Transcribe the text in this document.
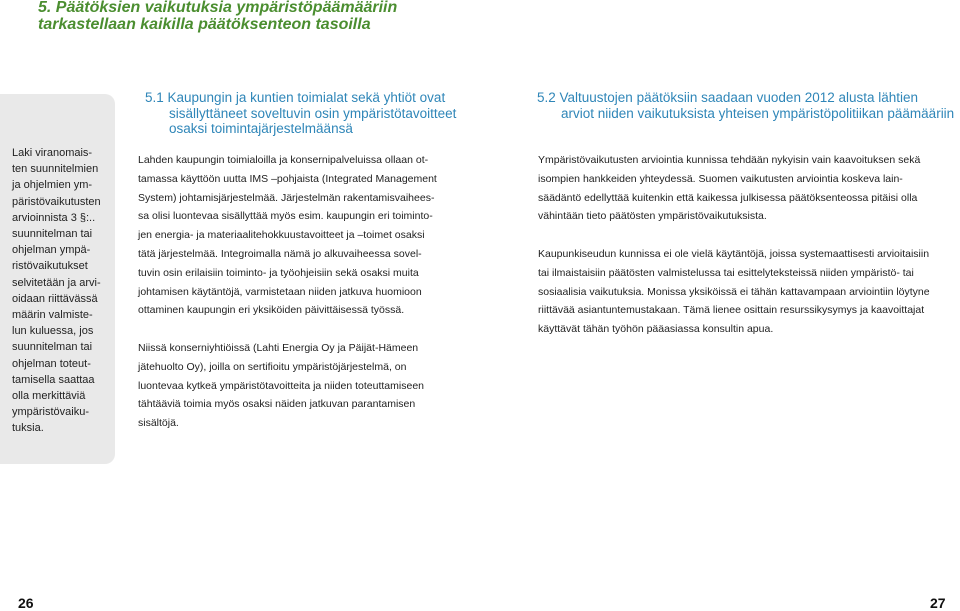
5. Päätöksien vaikutuksia ympäristöpäämääriin
tarkastellaan kaikilla päätöksenteon tasoilla
Laki viranomais-
ten suunnitelmien
ja ohjelmien ym-
päristövaikutusten
arvioinnista 3 §:..
suunnitelman tai
ohjelman ympä-
ristövaikutukset
selvitetään ja arvi-
oidaan riittävässä
määrin valmiste-
lun kuluessa, jos
suunnitelman tai
ohjelman toteut-
tamisella saattaa
olla merkittäviä
ympäristövaiku-
tuksia.
5.1 Kaupungin ja kuntien toimialat sekä yhtiöt ovat
sisällyttäneet soveltuvin osin ympäristötavoitteet
osaksi toimintajärjestelmäänsä
Lahden kaupungin toimialoilla ja konsernipalveluissa ollaan ot-
tamassa käyttöön uutta IMS –pohjaista (Integrated Management
System) johtamisjärjestelmää. Järjestelmän rakentamisvaihees-
sa olisi luontevaa sisällyttää myös esim. kaupungin eri toiminto-
jen energia- ja materiaalitehokkuustavoitteet ja –toimet osaksi
tätä järjestelmää. Integroimalla nämä jo alkuvaiheessa sovel-
tuvin osin erilaisiin toiminto- ja työohjeisiin sekä osaksi muita
johtamisen käytäntöjä, varmistetaan niiden jatkuva huomioon
ottaminen kaupungin eri yksiköiden päivittäisessä työssä.
Niissä konserniyhtiöissä (Lahti Energia Oy ja Päijät-Hämeen
jätehuolto Oy), joilla on sertifioitu ympäristöjärjestelmä, on
luontevaa kytkeä ympäristötavoitteita ja niiden toteuttamiseen
tähtääviä toimia myös osaksi näiden jatkuvan parantamisen
sisältöjä.
5.2 Valtuustojen päätöksiin saadaan vuoden 2012 alusta lähtien
arviot niiden vaikutuksista yhteisen ympäristöpolitiikan päämääriin
Ympäristövaikutusten arviointia kunnissa tehdään nykyisin vain kaavoituksen sekä
isompien hankkeiden yhteydessä. Suomen vaikutusten arviointia koskeva lain-
säädäntö edellyttää kuitenkin että kaikessa julkisessa päätöksenteossa pitäisi olla
vähintään tieto päätösten ympäristövaikutuksista.
Kaupunkiseudun kunnissa ei ole vielä käytäntöjä, joissa systemaattisesti arvioitaisiin
tai ilmaistaisiin päätösten valmistelussa tai esittelyteksteissä niiden ympäristö- tai
sosiaalisia vaikutuksia. Monissa yksiköissä ei tähän kattavampaan arviointiin löytyne
riittävää asiantuntemustakaan. Tämä lienee osittain resurssikysymys ja kaavoittajat
käyttävät tähän työhön pääasiassa konsultin apua.
26	27
